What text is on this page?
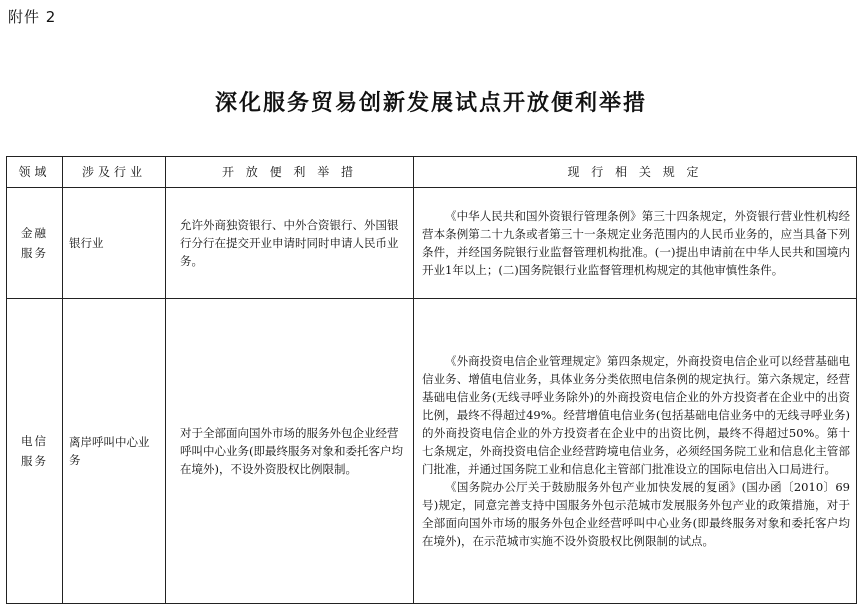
附件 2
深化服务贸易创新发展试点开放便利举措
领域	涉及行业	开 放 便 利 举 措	现 行 相 关 规 定
金融服务	银行业	允许外商独资银行、中外合资银行、外国银行分行在提交开业申请时同时申请人民币业务。	《中华人民共和国外资银行管理条例》第三十四条规定，外资银行营业性机构经营本条例第二十九条或者第三十一条规定业务范围内的人民币业务的，应当具备下列条件，并经国务院银行业监督管理机构批准。(一)提出申请前在中华人民共和国境内开业1年以上；(二)国务院银行业监督管理机构规定的其他审慎性条件。

电信服务	离岸呼叫中心业务	对于全部面向国外市场的服务外包企业经营呼叫中心业务(即最终服务对象和委托客户均在境外)，不设外资股权比例限制。	《外商投资电信企业管理规定》第四条规定，外商投资电信企业可以经营基础电信业务、增值电信业务，具体业务分类依照电信条例的规定执行。第六条规定，经营基础电信业务(无线寻呼业务除外)的外商投资电信企业的外方投资者在企业中的出资比例，最终不得超过49%。经营增值电信业务(包括基础电信业务中的无线寻呼业务)的外商投资电信企业的外方投资者在企业中的出资比例，最终不得超过50%。第十七条规定，外商投资电信企业经营跨境电信业务，必须经国务院工业和信息化主管部门批准，并通过国务院工业和信息化主管部门批准设立的国际电信出入口局进行。

《国务院办公厅关于鼓励服务外包产业加快发展的复函》(国办函〔2010〕69号)规定，同意完善支持中国服务外包示范城市发展服务外包产业的政策措施，对于全部面向国外市场的服务外包企业经营呼叫中心业务(即最终服务对象和委托客户均在境外)，在示范城市实施不设外资股权比例限制的试点。
